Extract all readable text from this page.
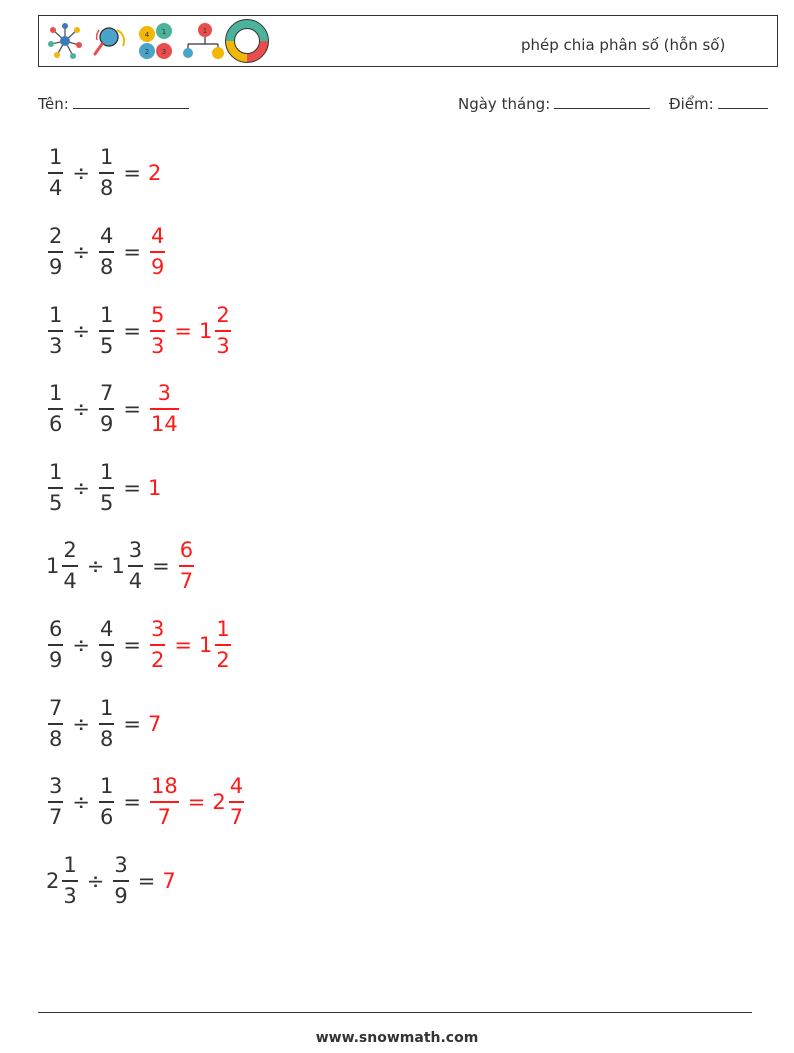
4 1
2 3
1
phép chia phân số (hỗn số)
Tên:	Ngày tháng:	Điểm:
$\frac{1}{4} \div \frac{1}{8} = 2$
$\frac{2}{9} \div \frac{4}{8} = \frac{4}{9}$
$\frac{1}{3} \div \frac{1}{5} = \frac{5}{3} = 1 \frac{2}{3}$
$\frac{1}{6} \div \frac{7}{9} = \frac{3}{14}$
$\frac{1}{5} \div \frac{1}{5} = 1$
$1 \frac{2}{4} \div 1 \frac{3}{4} = \frac{6}{7}$
$\frac{6}{9} \div \frac{4}{9} = \frac{3}{2} = 1 \frac{1}{2}$
$\frac{7}{8} \div \frac{1}{8} = 7$
$\frac{3}{7} \div \frac{1}{6} = \frac{18}{7} = 2 \frac{4}{7}$
$2 \frac{1}{3} \div \frac{3}{9} = 7$
www.snowmath.com
